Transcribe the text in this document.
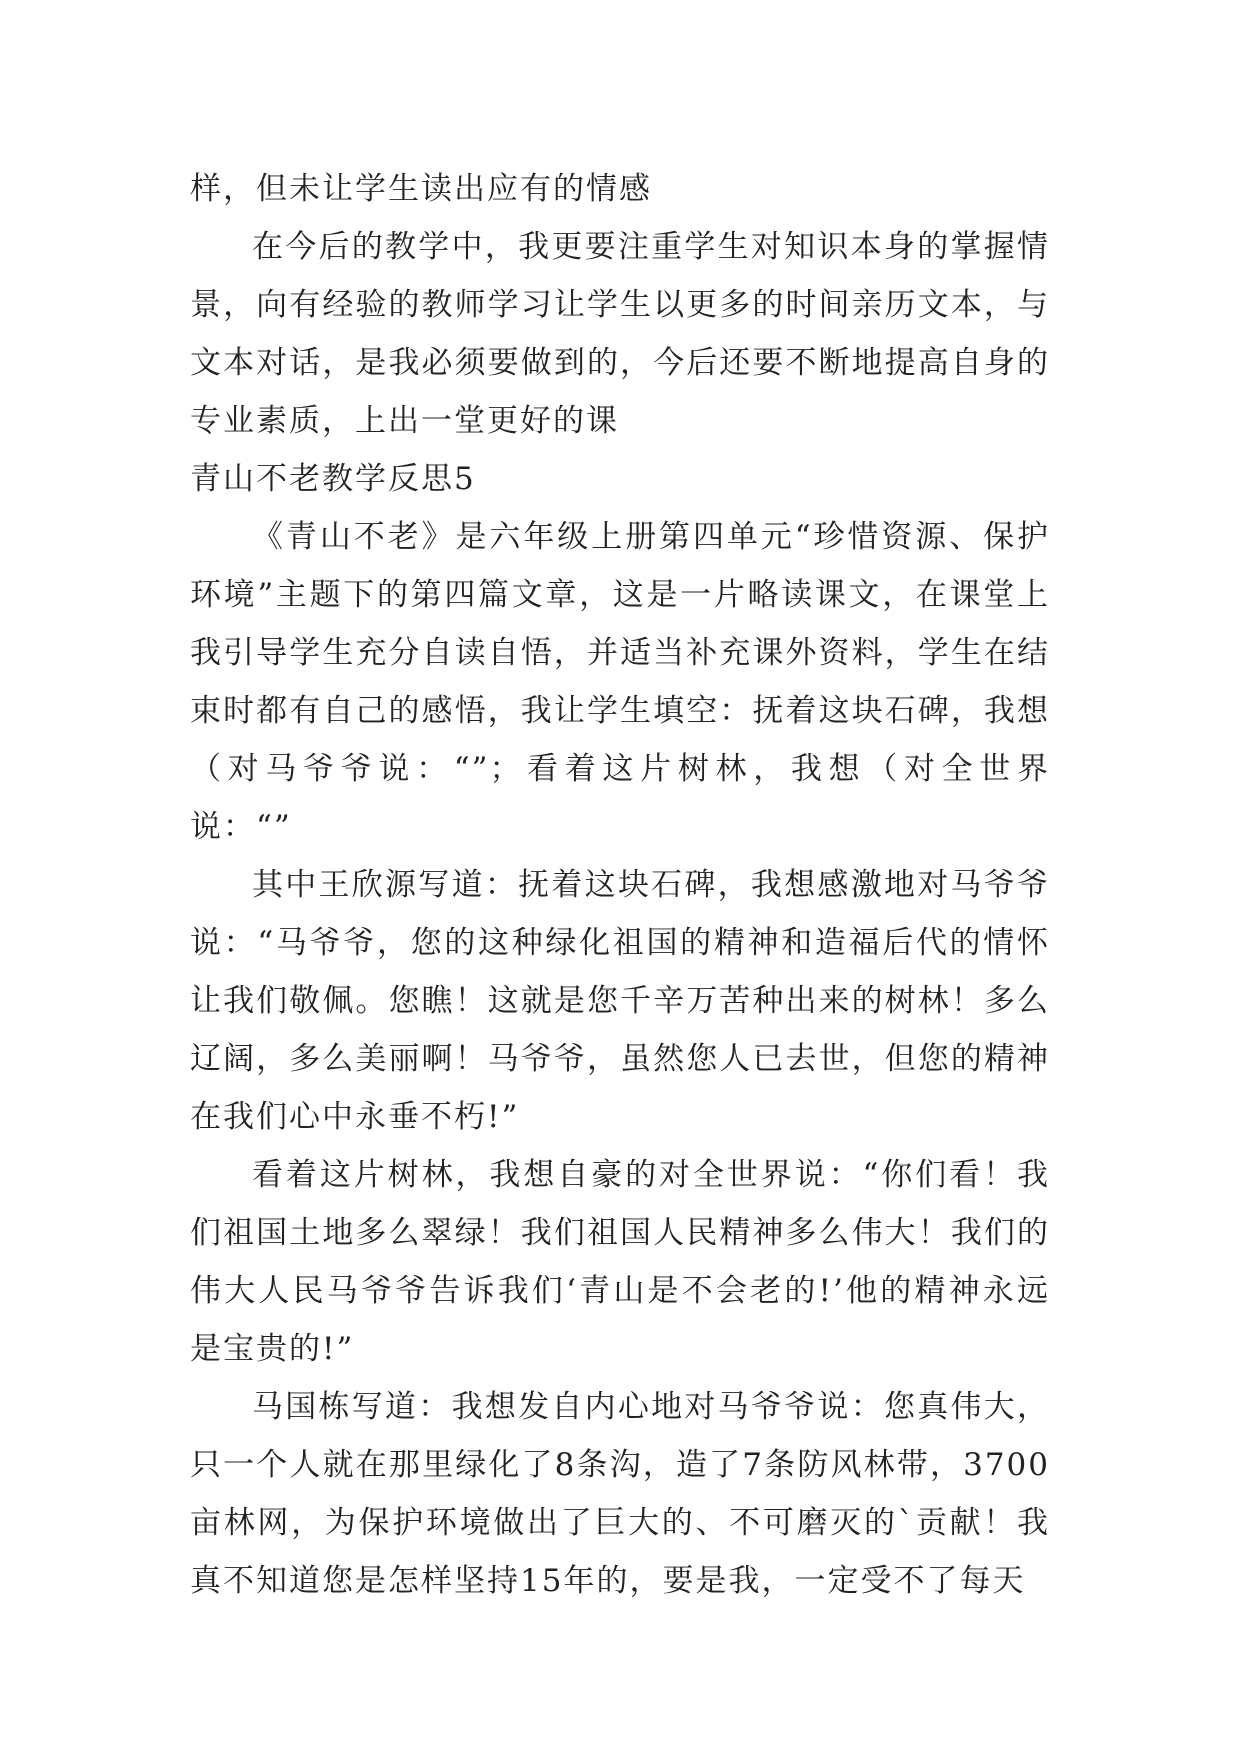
样，但未让学生读出应有的情感

在今后的教学中，我更要注重学生对知识本身的掌握情景，向有经验的教师学习让学生以更多的时间亲历文本，与文本对话，是我必须要做到的，今后还要不断地提高自身的专业素质，上出一堂更好的课

青山不老教学反思5

《青山不老》是六年级上册第四单元“珍惜资源、保护环境”主题下的第四篇文章，这是一片略读课文，在课堂上我引导学生充分自读自悟，并适当补充课外资料，学生在结束时都有自己的感悟，我让学生填空：抚着这块石碑，我想（对马爷爷说：“”；看着这片树林，我想（对全世界说：“”

其中王欣源写道：抚着这块石碑，我想感激地对马爷爷说：“马爷爷，您的这种绿化祖国的精神和造福后代的情怀让我们敬佩。您瞧！这就是您千辛万苦种出来的树林！多么辽阔，多么美丽啊！马爷爷，虽然您人已去世，但您的精神在我们心中永垂不朽!”

看着这片树林，我想自豪的对全世界说：“你们看！我们祖国土地多么翠绿！我们祖国人民精神多么伟大！我们的伟大人民马爷爷告诉我们‘青山是不会老的!’他的精神永远是宝贵的!”

马国栋写道：我想发自内心地对马爷爷说：您真伟大，只一个人就在那里绿化了8条沟，造了7条防风林带，3700亩林网，为保护环境做出了巨大的、不可磨灭的`贡献！我真不知道您是怎样坚持15年的，要是我，一定受不了每天
